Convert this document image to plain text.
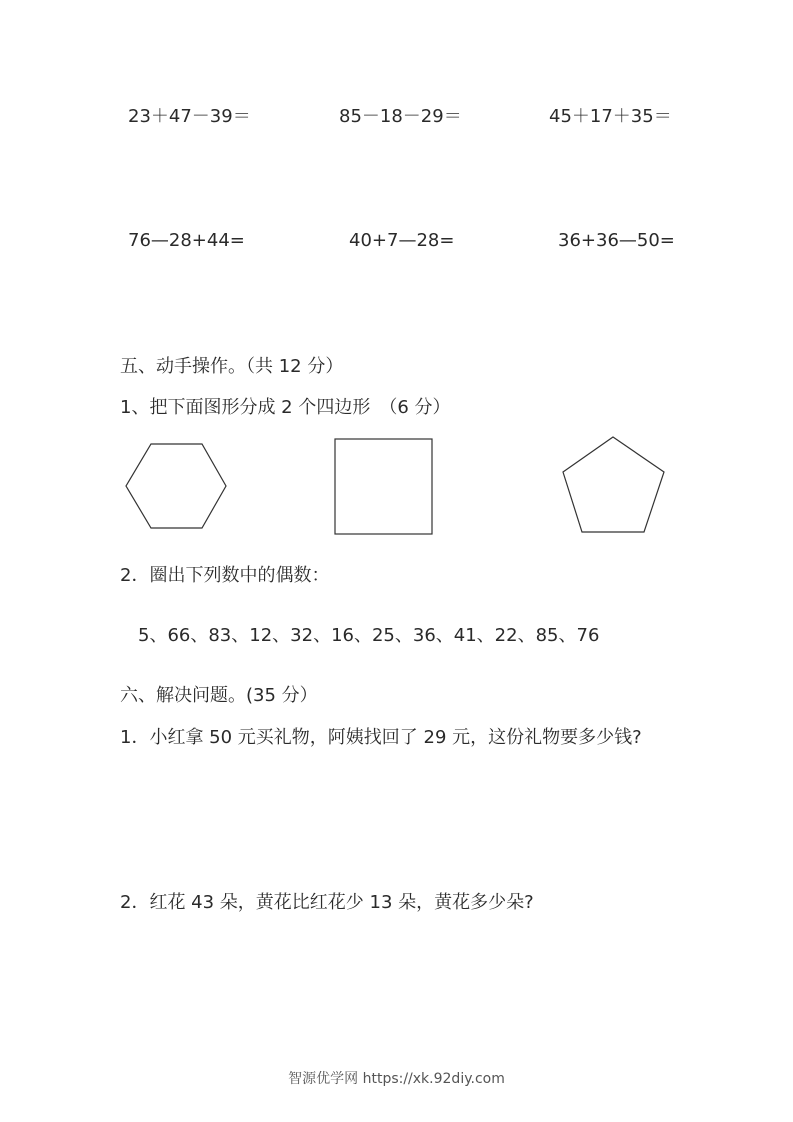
23＋47－39＝	85－18－29＝	45＋17＋35＝
76—28+44=	40+7—28=	36+36—50=
五、动手操作。（共 12 分）
1、把下面图形分成 2 个四边形　（6 分）
2．圈出下列数中的偶数：
5、66、83、12、32、16、25、36、41、22、85、76
六、解决问题。(35 分）
1．小红拿 50 元买礼物，阿姨找回了 29 元，这份礼物要多少钱?
2．红花 43 朵，黄花比红花少 13 朵，黄花多少朵?
智源优学网 https://xk.92diy.com
